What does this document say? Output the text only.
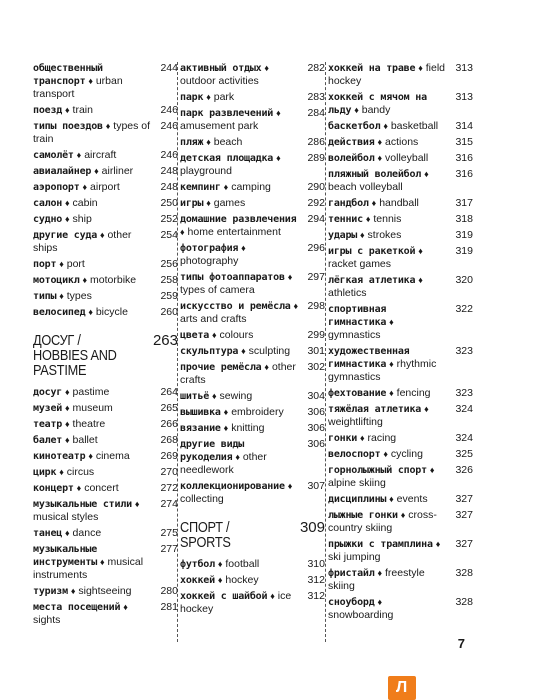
общественный транспорт ♦ urban transport
244
поезд ♦ train	246
типы поездов ♦ types of train
246
самолёт ♦ aircraft	246
авиалайнер ♦ airliner	248
аэропорт ♦ airport	248
салон ♦ cabin	250
судно ♦ ship	252
другие суда ♦ other ships
254
порт ♦ port	256
мотоцикл ♦ motorbike	258
типы ♦ types	259
велосипед ♦ bicycle	260
ДОСУГ / HOBBIES AND PASTIME
263
досуг ♦ pastime	264
музей ♦ museum	265
театр ♦ theatre	266
балет ♦ ballet	268
кинотеатр ♦ cinema	269
цирк ♦ circus	270
концерт ♦ concert	272
музыкальные стили ♦ musical styles
274
танец ♦ dance	275
музыкальные инструменты ♦ musical instruments
277
туризм ♦ sightseeing	280
места посещений ♦ sights
281
активный отдых ♦ outdoor activities
282
парк ♦ park	283
парк развлечений ♦ amusement park
284
пляж ♦ beach	286
детская площадка ♦ playground
289
кемпинг ♦ camping	290
игры ♦ games	292
домашние развлечения ♦ home entertainment
294
фотография ♦ photography
296
типы фотоаппаратов ♦ types of camera
297
искусство и ремёсла ♦ arts and crafts
298
цвета ♦ colours	299
скульптура ♦ sculpting	301
прочие ремёсла ♦ other crafts
302
шитьё ♦ sewing	304
вышивка ♦ embroidery	306
вязание ♦ knitting	306
другие виды рукоделия ♦ other needlework
306
коллекционирование ♦ collecting
307
СПОРТ / SPORTS
309
футбол ♦ football	310
хоккей ♦ hockey	312
хоккей с шайбой ♦ ice hockey
312
хоккей на траве ♦ field hockey
313
хоккей с мячом на льду ♦ bandy
313
баскетбол ♦ basketball	314
действия ♦ actions	315
волейбол ♦ volleyball	316
пляжный волейбол ♦ beach volleyball
316
гандбол ♦ handball	317
теннис ♦ tennis	318
удары ♦ strokes	319
игры с ракеткой ♦ racket games
319
лёгкая атлетика ♦ athletics
320
спортивная гимнастика ♦ gymnastics
322
художественная гимнастика ♦ rhythmic gymnastics
323
фехтование ♦ fencing	323
тяжёлая атлетика ♦ weightlifting
324
гонки ♦ racing	324
велоспорт ♦ cycling	325
горнолыжный спорт ♦ alpine skiing
326
дисциплины ♦ events	327
лыжные гонки ♦ cross-country skiing
327
прыжки с трамплина ♦ ski jumping
327
фристайл ♦ freestyle skiing
328
сноуборд ♦ snowboarding
328
7
Л
